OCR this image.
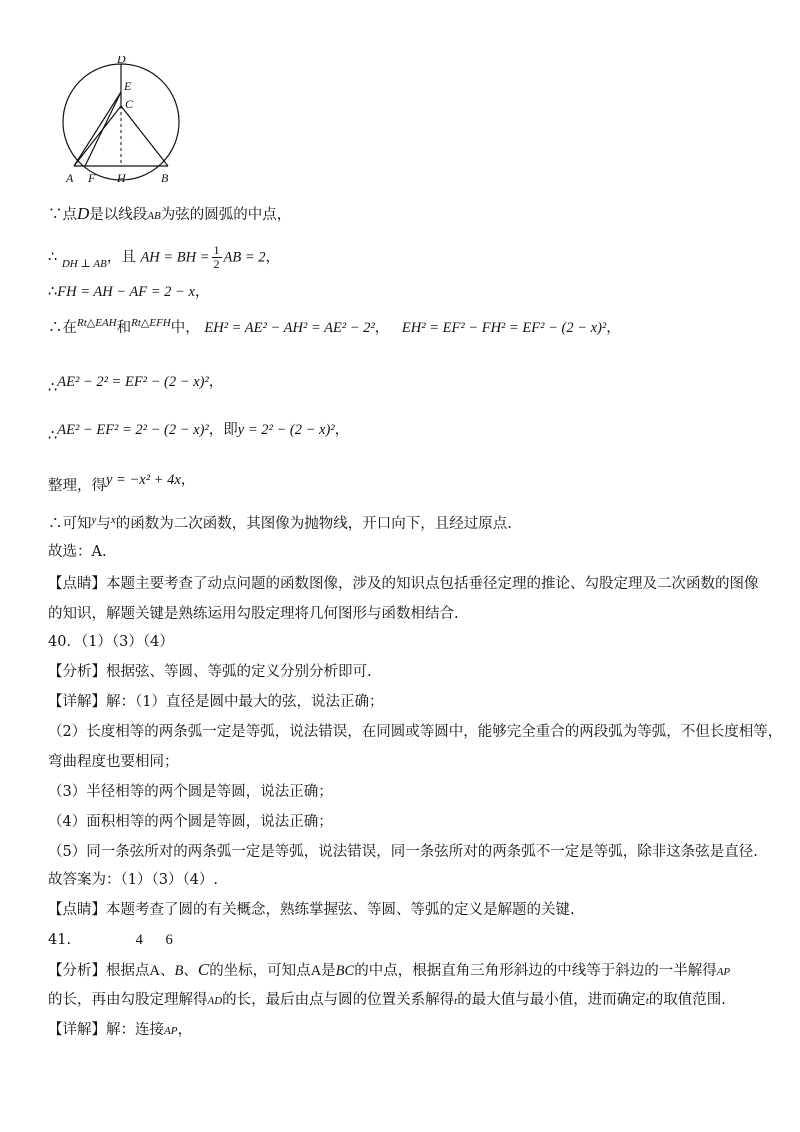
D
E
C
A F H	B
∵点D是以线段AB为弦的圆弧的中点，
∴ $_{DH \perp AB}$，且 AH = BH = $\frac{1}{2}$ AB = 2，
∴FH = AH − AF = 2 − x，
∴在$^{Rt\triangle EAH}$和$^{Rt\triangle EFH}$中， EH² = AE² − AH² = AE² − 2²， EH² = EF² − FH² = EF² − (2 − x)²，
∴AE² − 2² = EF² − (2 − x)²，
∴AE² − EF² = 2² − (2 − x)²，即y = 2² − (2 − x)²，
整理，得y = −x² + 4x，
∴可知$^y$与$^x$的函数为二次函数，其图像为抛物线，开口向下，且经过原点.
故选：A.
【点睛】本题主要考查了动点问题的函数图像，涉及的知识点包括垂径定理的推论、勾股定理及二次函数的图像
的知识，解题关键是熟练运用勾股定理将几何图形与函数相结合.
40．（1）（3）（4）
【分析】根据弦、等圆、等弧的定义分别分析即可.
【详解】解：（1）直径是圆中最大的弦，说法正确；
（2）长度相等的两条弧一定是等弧，说法错误，在同圆或等圆中，能够完全重合的两段弧为等弧，不但长度相等，
弯曲程度也要相同；
（3）半径相等的两个圆是等圆，说法正确；
（4）面积相等的两个圆是等圆，说法正确；
（5）同一条弦所对的两条弧一定是等弧，说法错误，同一条弦所对的两条弧不一定是等弧，除非这条弦是直径.
故答案为：（1）（3）（4）.
【点睛】本题考查了圆的有关概念，熟练掌握弦、等圆、等弧的定义是解题的关键.
41.	4 6
【分析】根据点A、B、C的坐标，可知点A是BC的中点，根据直角三角形斜边的中线等于斜边的一半解得AP
的长，再由勾股定理解得AD的长，最后由点与圆的位置关系解得t的最大值与最小值，进而确定t的取值范围.
【详解】解：连接AP，
